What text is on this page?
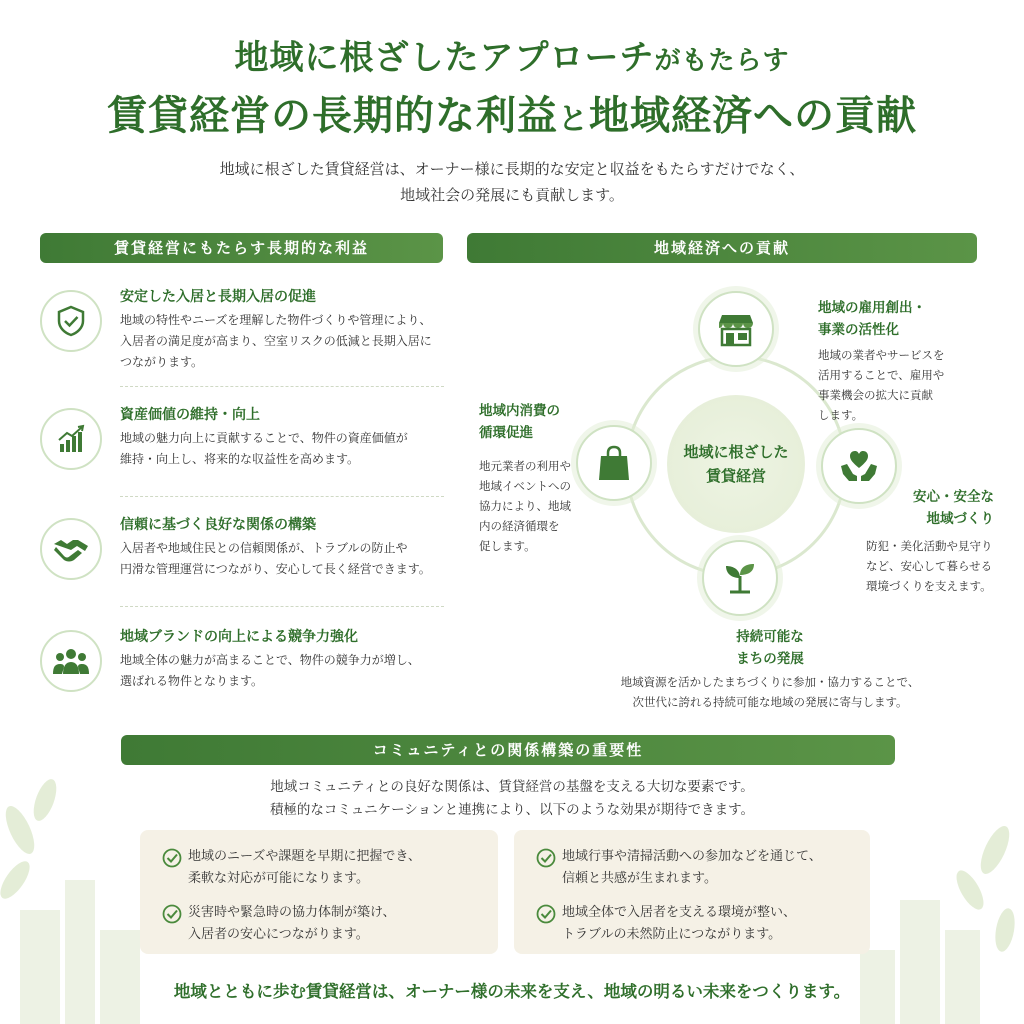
地域に根ざしたアプローチがもたらす
賃貸経営の長期的な利益と地域経済への貢献
地域に根ざした賃貸経営は、オーナー様に長期的な安定と収益をもたらすだけでなく、
地域社会の発展にも貢献します。
賃貸経営にもたらす長期的な利益
安定した入居と長期入居の促進
地域の特性やニーズを理解した物件づくりや管理により、
入居者の満足度が高まり、空室リスクの低減と長期入居に
つながります。
資産価値の維持・向上
地域の魅力向上に貢献することで、物件の資産価値が
維持・向上し、将来的な収益性を高めます。
信頼に基づく良好な関係の構築
入居者や地域住民との信頼関係が、トラブルの防止や
円滑な管理運営につながり、安心して長く経営できます。
地域ブランドの向上による競争力強化
地域全体の魅力が高まることで、物件の競争力が増し、
選ばれる物件となります。
地域経済への貢献
地域に根ざした
賃貸経営
地域の雇用創出・
事業の活性化
地域の業者やサービスを
活用することで、雇用や
事業機会の拡大に貢献
します。
地域内消費の
循環促進
地元業者の利用や
地域イベントへの
協力により、地域
内の経済循環を
促します。
安心・安全な
地域づくり
防犯・美化活動や見守り
など、安心して暮らせる
環境づくりを支えます。
持続可能な
まちの発展
地域資源を活かしたまちづくりに参加・協力することで、
次世代に誇れる持続可能な地域の発展に寄与します。
コミュニティとの関係構築の重要性
地域コミュニティとの良好な関係は、賃貸経営の基盤を支える大切な要素です。
積極的なコミュニケーションと連携により、以下のような効果が期待できます。
地域のニーズや課題を早期に把握でき、
柔軟な対応が可能になります。
災害時や緊急時の協力体制が築け、
入居者の安心につながります。
地域行事や清掃活動への参加などを通じて、
信頼と共感が生まれます。
地域全体で入居者を支える環境が整い、
トラブルの未然防止につながります。
地域とともに歩む賃貸経営は、オーナー様の未来を支え、地域の明るい未来をつくります。
